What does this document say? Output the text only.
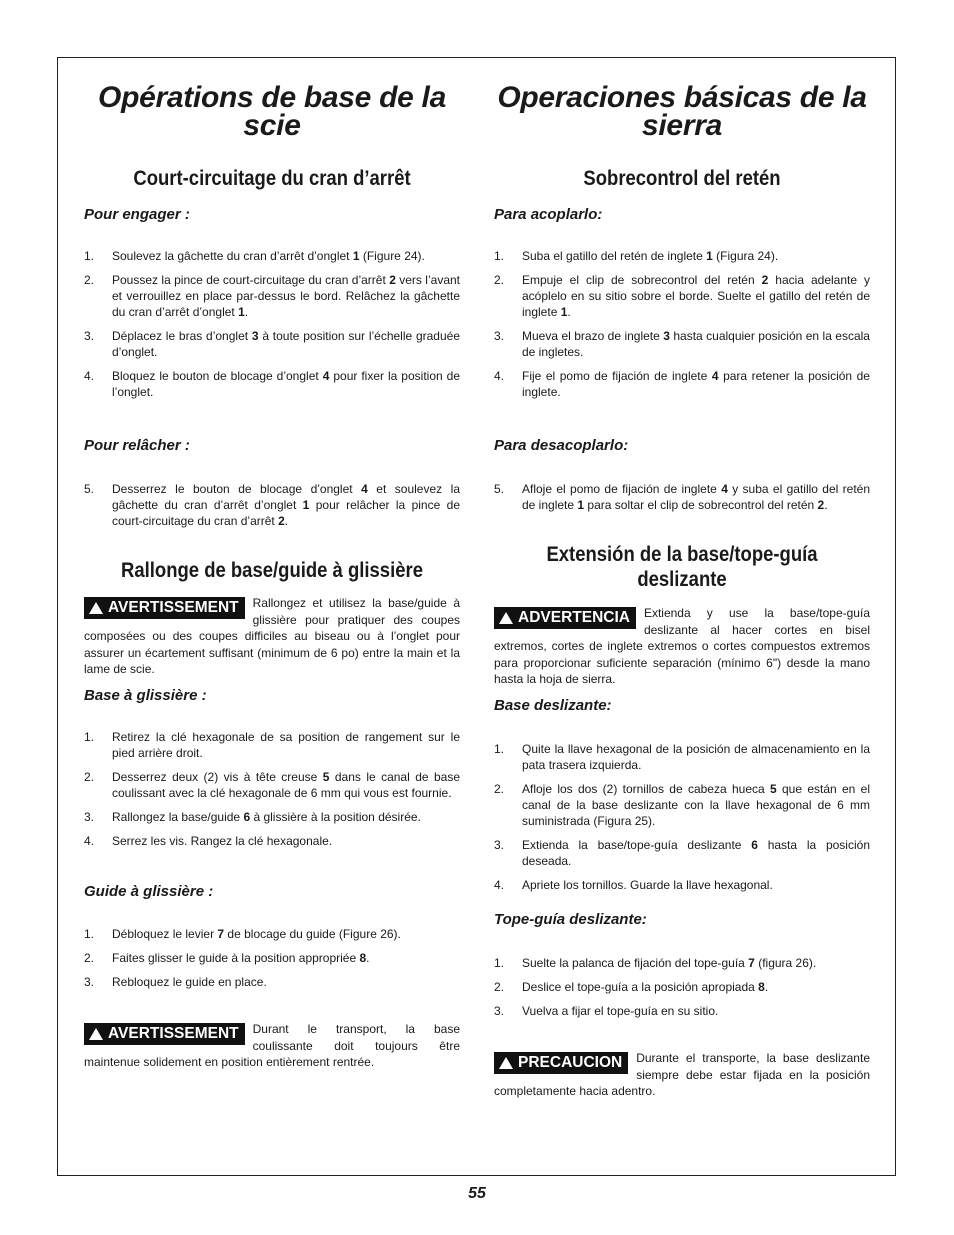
Opérations de base de la scie
Court-circuitage du cran d’arrêt

Pour engager :

1. Soulevez la gâchette du cran d’arrêt d’onglet 1 (Figure 24).
2. Poussez la pince de court-circuitage du cran d’arrêt 2 vers l’avant et verrouillez en place par-dessus le bord. Relâchez la gâchette du cran d’arrêt d’onglet 1.
3. Déplacez le bras d’onglet 3 à toute position sur l’échelle graduée d’onglet.
4. Bloquez le bouton de blocage d’onglet 4 pour fixer la position de l’onglet.

Pour relâcher :

5. Desserrez le bouton de blocage d’onglet 4 et soulevez la gâchette du cran d’arrêt d’onglet 1 pour relâcher la pince de court-circuitage du cran d’arrêt 2.
Rallonge de base/guide à glissière
AVERTISSEMENT Rallongez et utilisez la base/guide à glissière pour pratiquer des coupes composées ou des coupes difficiles au biseau ou à l’onglet pour assurer un écartement suffisant (minimum de 6 po) entre la main et la lame de scie.

Base à glissière :

1. Retirez la clé hexagonale de sa position de rangement sur le pied arrière droit.
2. Desserrez deux (2) vis à tête creuse 5 dans le canal de base coulissant avec la clé hexagonale de 6 mm qui vous est fournie.
3. Rallongez la base/guide 6 à glissière à la position désirée.
4. Serrez les vis. Rangez la clé hexagonale.

Guide à glissière :

1. Débloquez le levier 7 de blocage du guide (Figure 26).
2. Faites glisser le guide à la position appropriée 8.
3. Rebloquez le guide en place.
AVERTISSEMENT Durant le transport, la base coulissante doit toujours être maintenue solidement en position entièrement rentrée.
Operaciones básicas de la sierra
Sobrecontrol del retén

Para acoplarlo:

1. Suba el gatillo del retén de inglete 1 (Figura 24).
2. Empuje el clip de sobrecontrol del retén 2 hacia adelante y acóplelo en su sitio sobre el borde. Suelte el gatillo del retén de inglete 1.
3. Mueva el brazo de inglete 3 hasta cualquier posición en la escala de ingletes.
4. Fije el pomo de fijación de inglete 4 para retener la posición de inglete.

Para desacoplarlo:

5. Afloje el pomo de fijación de inglete 4 y suba el gatillo del retén de inglete 1 para soltar el clip de sobrecontrol del retén 2.
Extensión de la base/tope-guía deslizante
ADVERTENCIA Extienda y use la base/tope-guía deslizante al hacer cortes en bisel extremos, cortes de inglete extremos o cortes compuestos extremos para proporcionar suficiente separación (mínimo 6") desde la mano hasta la hoja de sierra.

Base deslizante:

1. Quite la llave hexagonal de la posición de almacenamiento en la pata trasera izquierda.
2. Afloje los dos (2) tornillos de cabeza hueca 5 que están en el canal de la base deslizante con la llave hexagonal de 6 mm suministrada (Figura 25).
3. Extienda la base/tope-guía deslizante 6 hasta la posición deseada.
4. Apriete los tornillos. Guarde la llave hexagonal.

Tope-guía deslizante:

1. Suelte la palanca de fijación del tope-guía 7 (figura 26).
2. Deslice el tope-guía a la posición apropiada 8.
3. Vuelva a fijar el tope-guía en su sitio.
PRECAUCION Durante el transporte, la base deslizante siempre debe estar fijada en la posición completamente hacia adentro.
55
